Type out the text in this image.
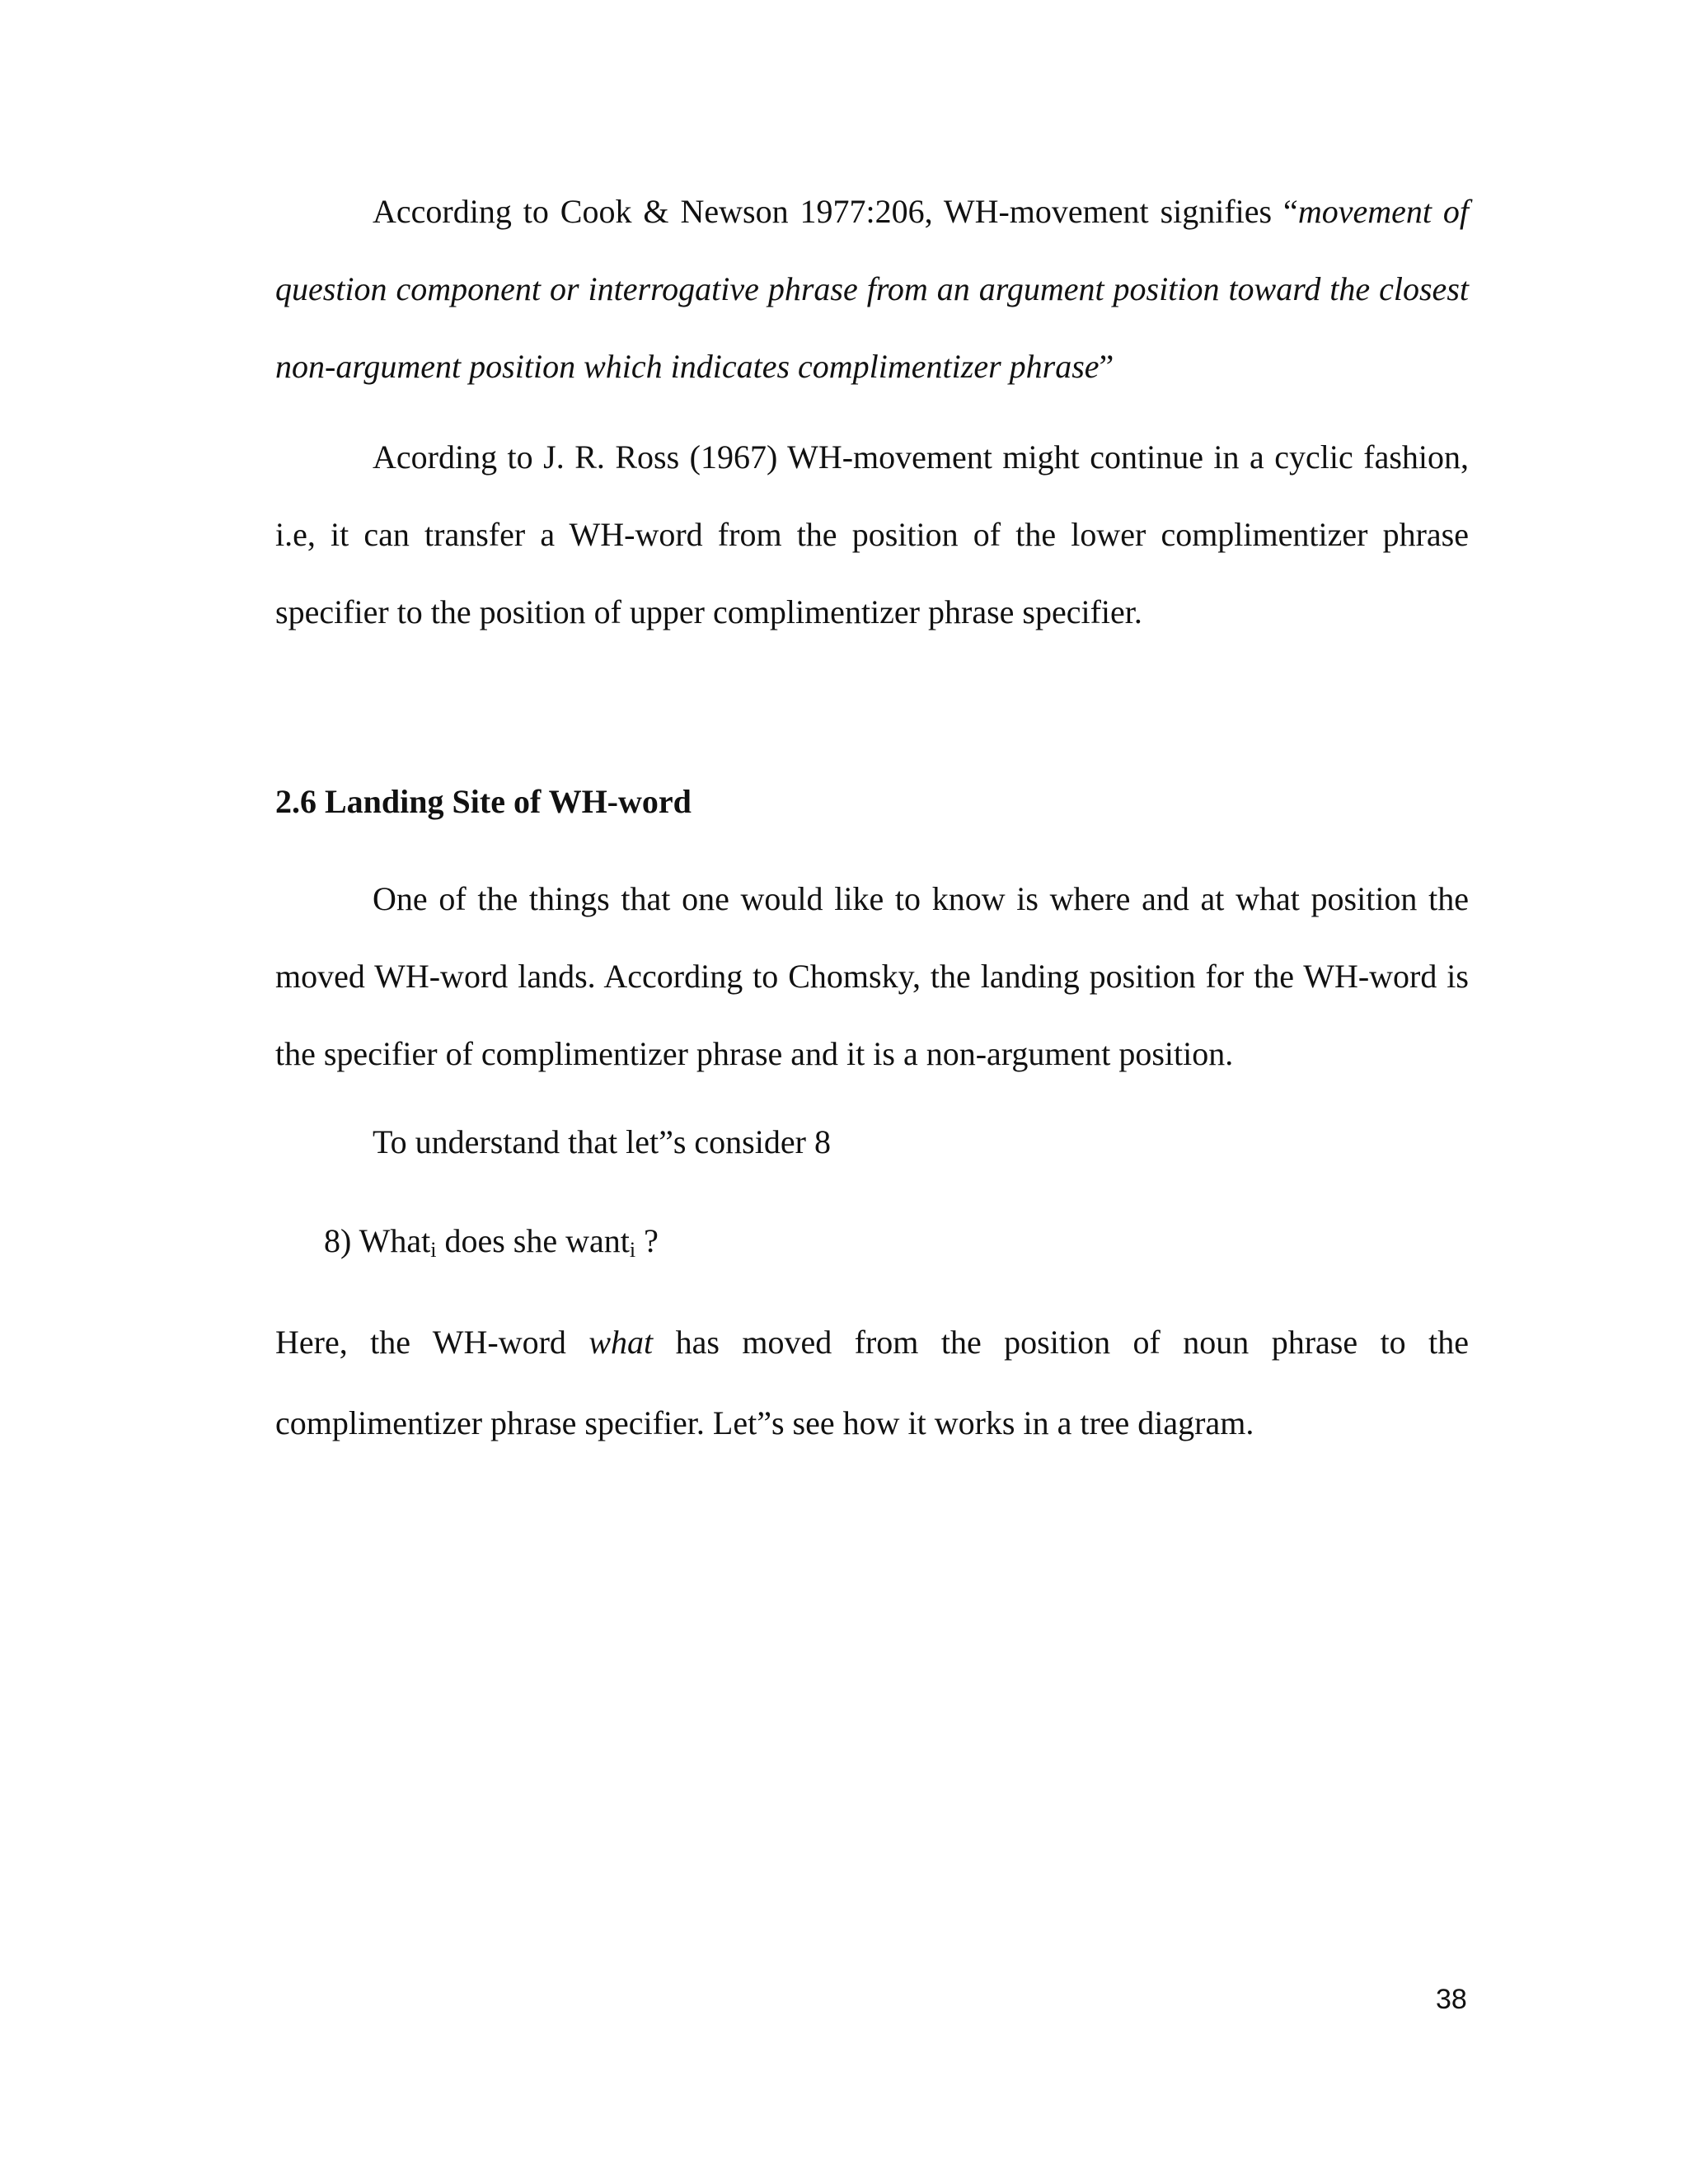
According to Cook & Newson 1977:206, WH-movement signifies “movement of question component or interrogative phrase from an argument position toward the closest non-argument position which indicates complimentizer phrase”

Acording to J. R. Ross (1967) WH-movement might continue in a cyclic fashion, i.e, it can transfer a WH-word from the position of the lower complimentizer phrase specifier to the position of upper complimentizer phrase specifier.

2.6 Landing Site of WH-word

One of the things that one would like to know is where and at what position the moved WH-word lands. According to Chomsky, the landing position for the WH-word is the specifier of complimentizer phrase and it is a non-argument position.

To understand that let”s consider 8
8) What$_i$ does she want$_i$ ?

Here, the WH-word what has moved from the position of noun phrase to the complimentizer phrase specifier. Let”s see how it works in a tree diagram.

38
